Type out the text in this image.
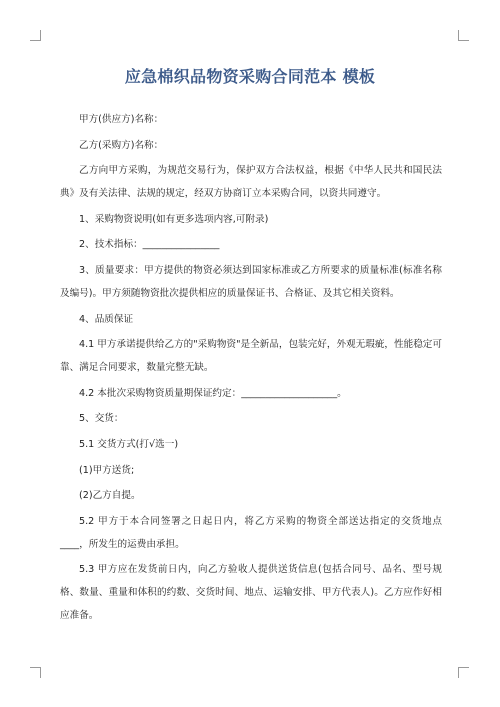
应急棉织品物资采购合同范本 模板

甲方(供应方)名称：

乙方(采购方)名称：

乙方向甲方采购，为规范交易行为，保护双方合法权益，根据《中华人民共和国民法典》及有关法律、法规的规定，经双方协商订立本采购合同，以资共同遵守。

1、采购物资说明(如有更多选项内容,可附录)

2、技术指标：________________

3、质量要求：甲方提供的物资必须达到国家标准或乙方所要求的质量标准(标准名称及编号)。甲方须随物资批次提供相应的质量保证书、合格证、及其它相关资料。

4、品质保证

4.1 甲方承诺提供给乙方的"采购物资"是全新品，包装完好，外观无瑕疵，性能稳定可靠、满足合同要求，数量完整无缺。

4.2 本批次采购物资质量期保证约定：____________________。

5、交货：

5.1 交货方式(打√选一)

(1)甲方送货;

(2)乙方自提。

5.2 甲方于本合同签署之日起日内，将乙方采购的物资全部送达指定的交货地点____，所发生的运费由承担。

5.3 甲方应在发货前日内，向乙方验收人提供送货信息(包括合同号、品名、型号规格、数量、重量和体积的约数、交货时间、地点、运输安排、甲方代表人)。乙方应作好相应准备。
